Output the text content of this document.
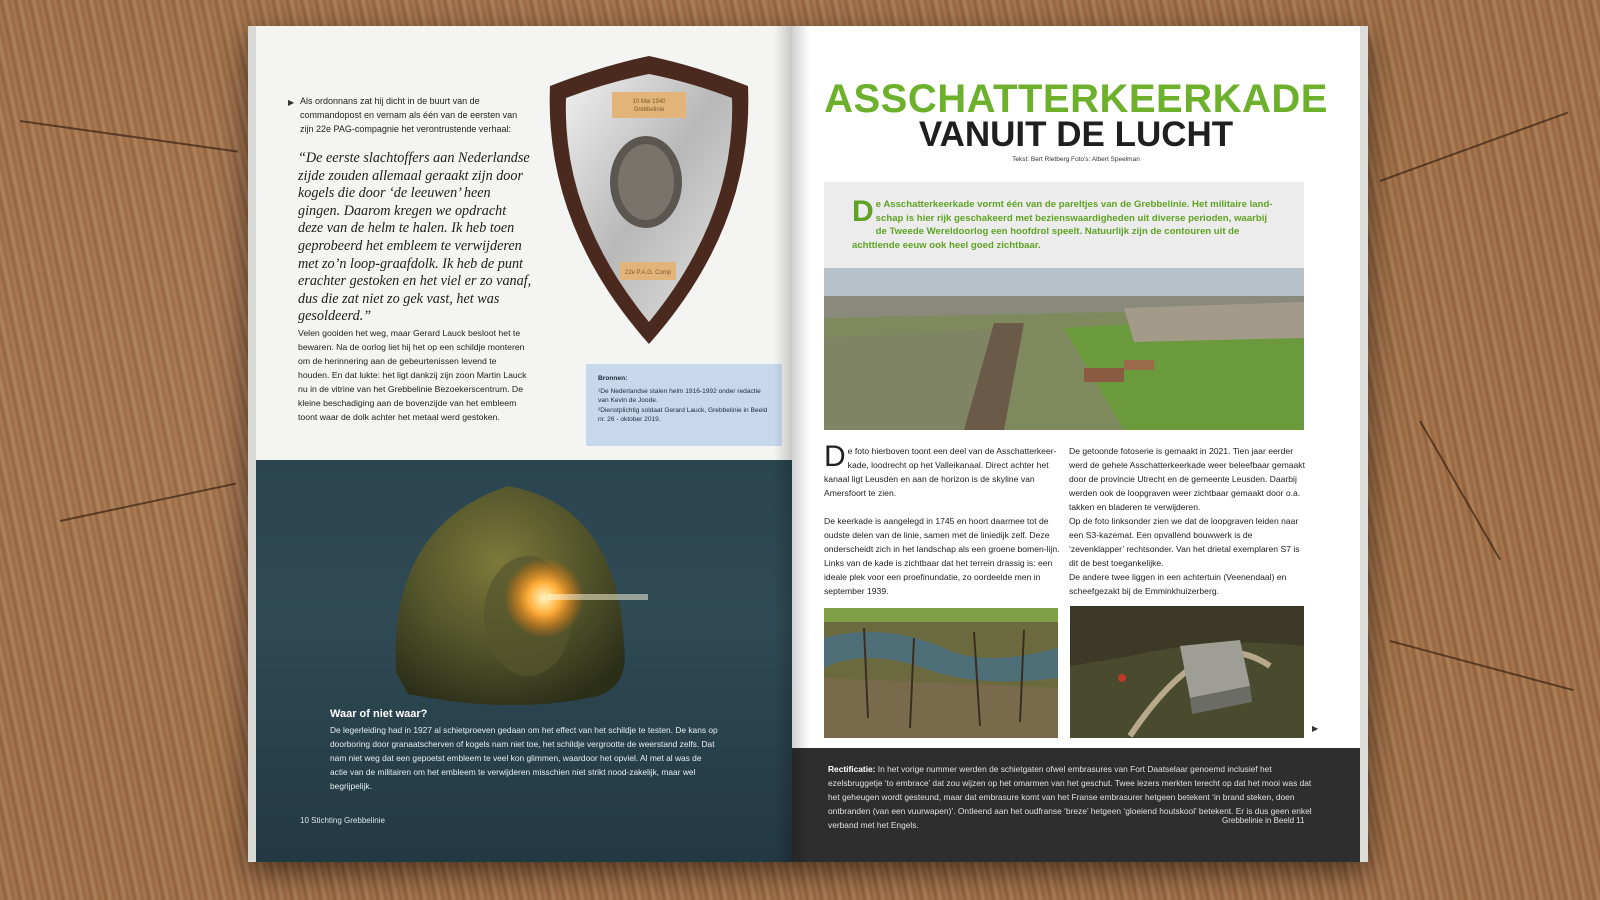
▶ Als ordonnans zat hij dicht in de buurt van de commandopost en vernam als één van de eersten van zijn 22e PAG-compagnie het verontrustende verhaal:
“De eerste slachtoffers aan Nederlandse zijde zouden allemaal geraakt zijn door kogels die door ‘de leeuwen’ heen gingen. Daarom kregen we opdracht deze van de helm te halen. Ik heb toen geprobeerd het embleem te verwijderen met zo’n loop-graafdolk. Ik heb de punt erachter gestoken en het viel er zo vanaf, dus die zat niet zo gek vast, het was gesoldeerd.”
Velen gooiden het weg, maar Gerard Lauck besloot het te bewaren. Na de oorlog liet hij het op een schildje monteren om de herinnering aan de gebeurtenissen levend te houden. En dat lukte: het ligt dankzij zijn zoon Martin Lauck nu in de vitrine van het Grebbelinie Bezoekerscentrum. De kleine beschadiging aan de bovenzijde van het embleem toont waar de dolk achter het metaal werd gestoken.
10 Mei 1940
Grebbelinie
22e P.A.G. Comp
Bronnen:
¹De Nederlandse stalen helm 1916-1992 onder redactie van Kevin de Joode.
²Dienstplichtig soldaat Gerard Lauck, Grebbelinie in Beeld nr. 26 - oktober 2019.
Waar of niet waar?
De legerleiding had in 1927 al schietproeven gedaan om het effect van het schildje te testen. De kans op doorboring door granaatscherven of kogels nam niet toe, het schildje vergrootte de weerstand zelfs. Dat nam niet weg dat een gepoetst embleem te veel kon glimmen, waardoor het opviel. Al met al was de actie van de militairen om het embleem te verwijderen misschien niet strikt nood-zakelijk, maar wel begrijpelijk.
10 Stichting Grebbelinie
ASSCHATTERKEERKADE
VANUIT DE LUCHT
Tekst: Bert Rietberg Foto's: Albert Speelman
D e Asschatterkeerkade vormt één van de pareltjes van de Grebbelinie. Het militaire land-schap is hier rijk geschakeerd met bezienswaardigheden uit diverse perioden, waarbij de Tweede Wereldoorlog een hoofdrol speelt. Natuurlijk zijn de contouren uit de achttiende eeuw ook heel goed zichtbaar.
D e foto hierboven toont een deel van de Asschatterkeer-kade, loodrecht op het Valleikanaal. Direct achter het kanaal ligt Leusden en aan de horizon is de skyline van Amersfoort te zien.

De keerkade is aangelegd in 1745 en hoort daarmee tot de oudste delen van de linie, samen met de liniedijk zelf. Deze onderscheidt zich in het landschap als een groene bomen-lijn. Links van de kade is zichtbaar dat het terrein drassig is: een ideale plek voor een proefinundatie, zo oordeelde men in september 1939.

De getoonde fotoserie is gemaakt in 2021. Tien jaar eerder werd de gehele Asschatterkeerkade weer beleefbaar gemaakt door de provincie Utrecht en de gemeente Leusden. Daarbij werden ook de loopgraven weer zichtbaar gemaakt door o.a. takken en bladeren te verwijderen.
Op de foto linksonder zien we dat de loopgraven leiden naar een S3-kazemat. Een opvallend bouwwerk is de ‘zevenklapper’ rechtsonder. Van het drietal exemplaren S7 is dit de best toegankelijke.
De andere twee liggen in een achtertuin (Veenendaal) en scheefgezakt bij de Emminkhuizerberg.
▶
Rectificatie: In het vorige nummer werden de schietgaten ofwel embrasures van Fort Daatselaar genoemd inclusief het ezelsbruggetje ‘to embrace’ dat zou wijzen op het omarmen van het geschut. Twee lezers merkten terecht op dat het mooi was dat het geheugen wordt gesteund, maar dat embrasure komt van het Franse embrasurer hetgeen betekent ‘in brand steken, doen ontbranden (van een vuurwapen)’. Ontleend aan het oudfranse ‘breze’ hetgeen ‘gloeiend houtskool’ betekent. Er is dus geen enkel verband met het Engels.	Grebbelinie in Beeld 11
